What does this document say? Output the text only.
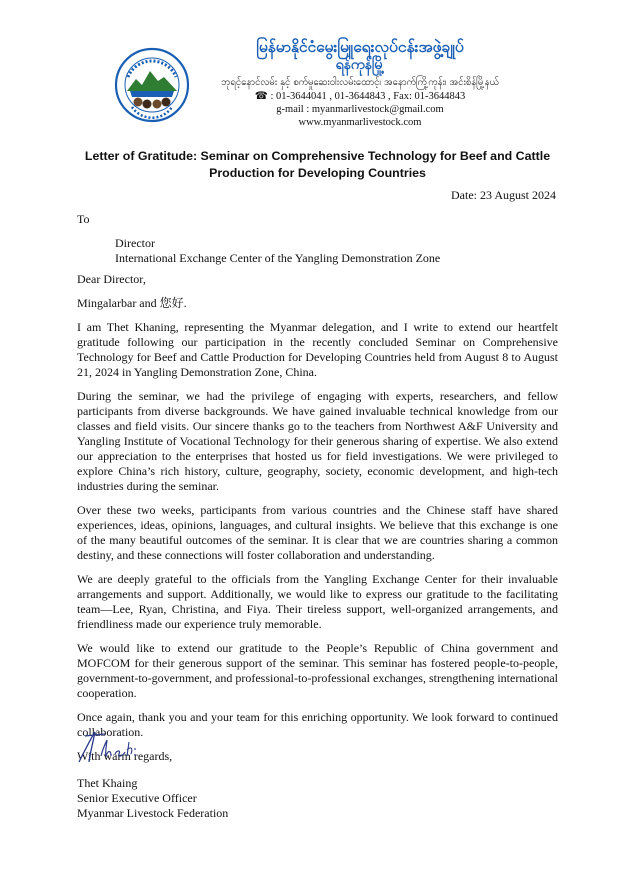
မြန်မာနိုင်ငံမွေးမြူရေးလုပ်ငန်းအဖွဲ့ချုပ်
ရန်ကုန်မြို့
ဘုရင့်နောင်လမ်း နှင့် စက်မှုဆေးဝါးလမ်းထောင့်၊ အနောက်ကြို့ကုန်း၊ အင်းစိန်မြို့နယ်
☎ : 01-3644041 , 01-3644843 , Fax: 01-3644843
g-mail : myanmarlivestock@gmail.com
www.myanmarlivestock.com
Letter of Gratitude: Seminar on Comprehensive Technology for Beef and Cattle Production for Developing Countries
Date: 23 August 2024
To
Director
International Exchange Center of the Yangling Demonstration Zone

Dear Director,

Mingalarbar and 您好.

I am Thet Khaning, representing the Myanmar delegation, and I write to extend our heartfelt gratitude following our participation in the recently concluded Seminar on Comprehensive Technology for Beef and Cattle Production for Developing Countries held from August 8 to August 21, 2024 in Yangling Demonstration Zone, China.

During the seminar, we had the privilege of engaging with experts, researchers, and fellow participants from diverse backgrounds. We have gained invaluable technical knowledge from our classes and field visits. Our sincere thanks go to the teachers from Northwest A&F University and Yangling Institute of Vocational Technology for their generous sharing of expertise. We also extend our appreciation to the enterprises that hosted us for field investigations. We were privileged to explore China’s rich history, culture, geography, society, economic development, and high-tech industries during the seminar.

Over these two weeks, participants from various countries and the Chinese staff have shared experiences, ideas, opinions, languages, and cultural insights. We believe that this exchange is one of the many beautiful outcomes of the seminar. It is clear that we are countries sharing a common destiny, and these connections will foster collaboration and understanding.

We are deeply grateful to the officials from the Yangling Exchange Center for their invaluable arrangements and support. Additionally, we would like to express our gratitude to the facilitating team—Lee, Ryan, Christina, and Fiya. Their tireless support, well-organized arrangements, and friendliness made our experience truly memorable.

We would like to extend our gratitude to the People’s Republic of China government and MOFCOM for their generous support of the seminar. This seminar has fostered people-to-people, government-to-government, and professional-to-professional exchanges, strengthening international cooperation.

Once again, thank you and your team for this enriching opportunity. We look forward to continued collaboration.

With warm regards,

Thet Khaing
Senior Executive Officer
Myanmar Livestock Federation
